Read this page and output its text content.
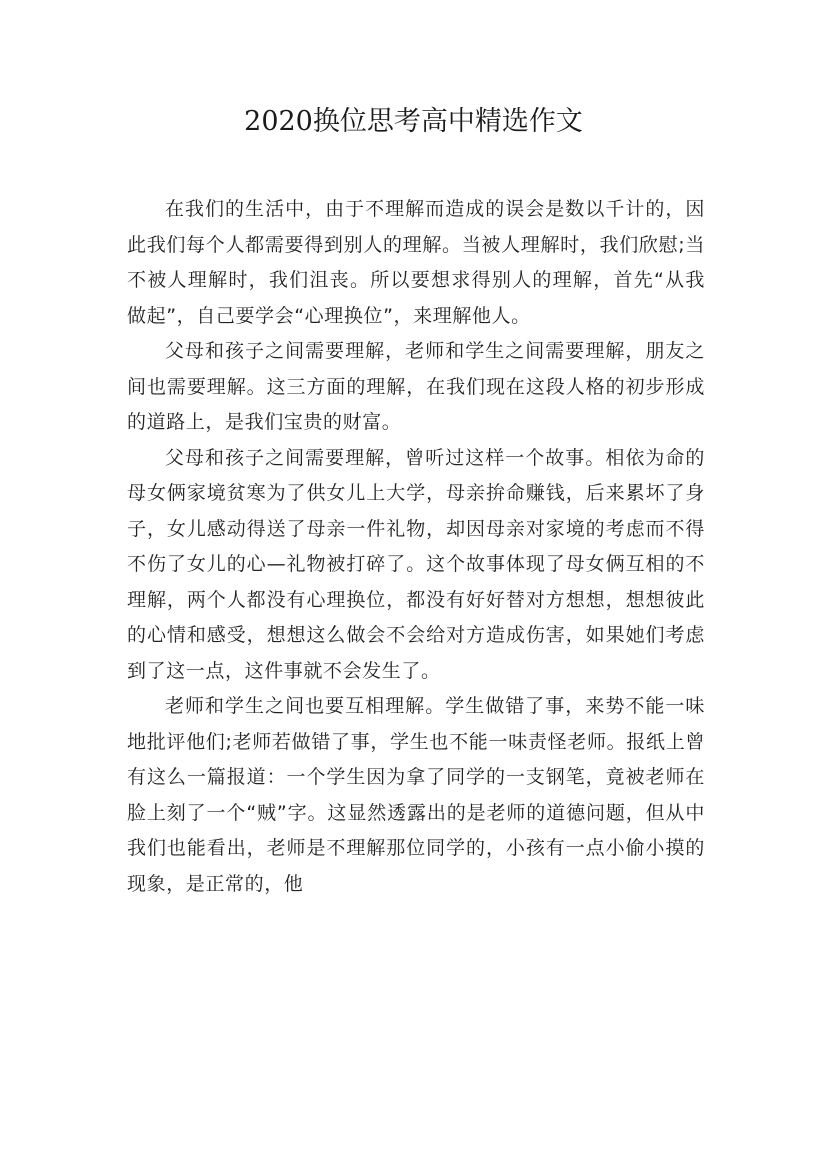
2020换位思考高中精选作文

在我们的生活中，由于不理解而造成的误会是数以千计的，因此我们每个人都需要得到别人的理解。当被人理解时，我们欣慰;当不被人理解时，我们沮丧。所以要想求得别人的理解，首先“从我做起”，自己要学会“心理换位”，来理解他人。

父母和孩子之间需要理解，老师和学生之间需要理解，朋友之间也需要理解。这三方面的理解，在我们现在这段人格的初步形成的道路上，是我们宝贵的财富。

父母和孩子之间需要理解，曾听过这样一个故事。相依为命的母女俩家境贫寒为了供女儿上大学，母亲拚命赚钱，后来累坏了身子，女儿感动得送了母亲一件礼物，却因母亲对家境的考虑而不得不伤了女儿的心—礼物被打碎了。这个故事体现了母女俩互相的不理解，两个人都没有心理换位，都没有好好替对方想想，想想彼此的心情和感受，想想这么做会不会给对方造成伤害，如果她们考虑到了这一点，这件事就不会发生了。

老师和学生之间也要互相理解。学生做错了事，来势不能一味地批评他们;老师若做错了事，学生也不能一味责怪老师。报纸上曾有这么一篇报道：一个学生因为拿了同学的一支钢笔，竟被老师在脸上刻了一个“贼”字。这显然透露出的是老师的道德问题，但从中我们也能看出，老师是不理解那位同学的，小孩有一点小偷小摸的现象，是正常的，他
